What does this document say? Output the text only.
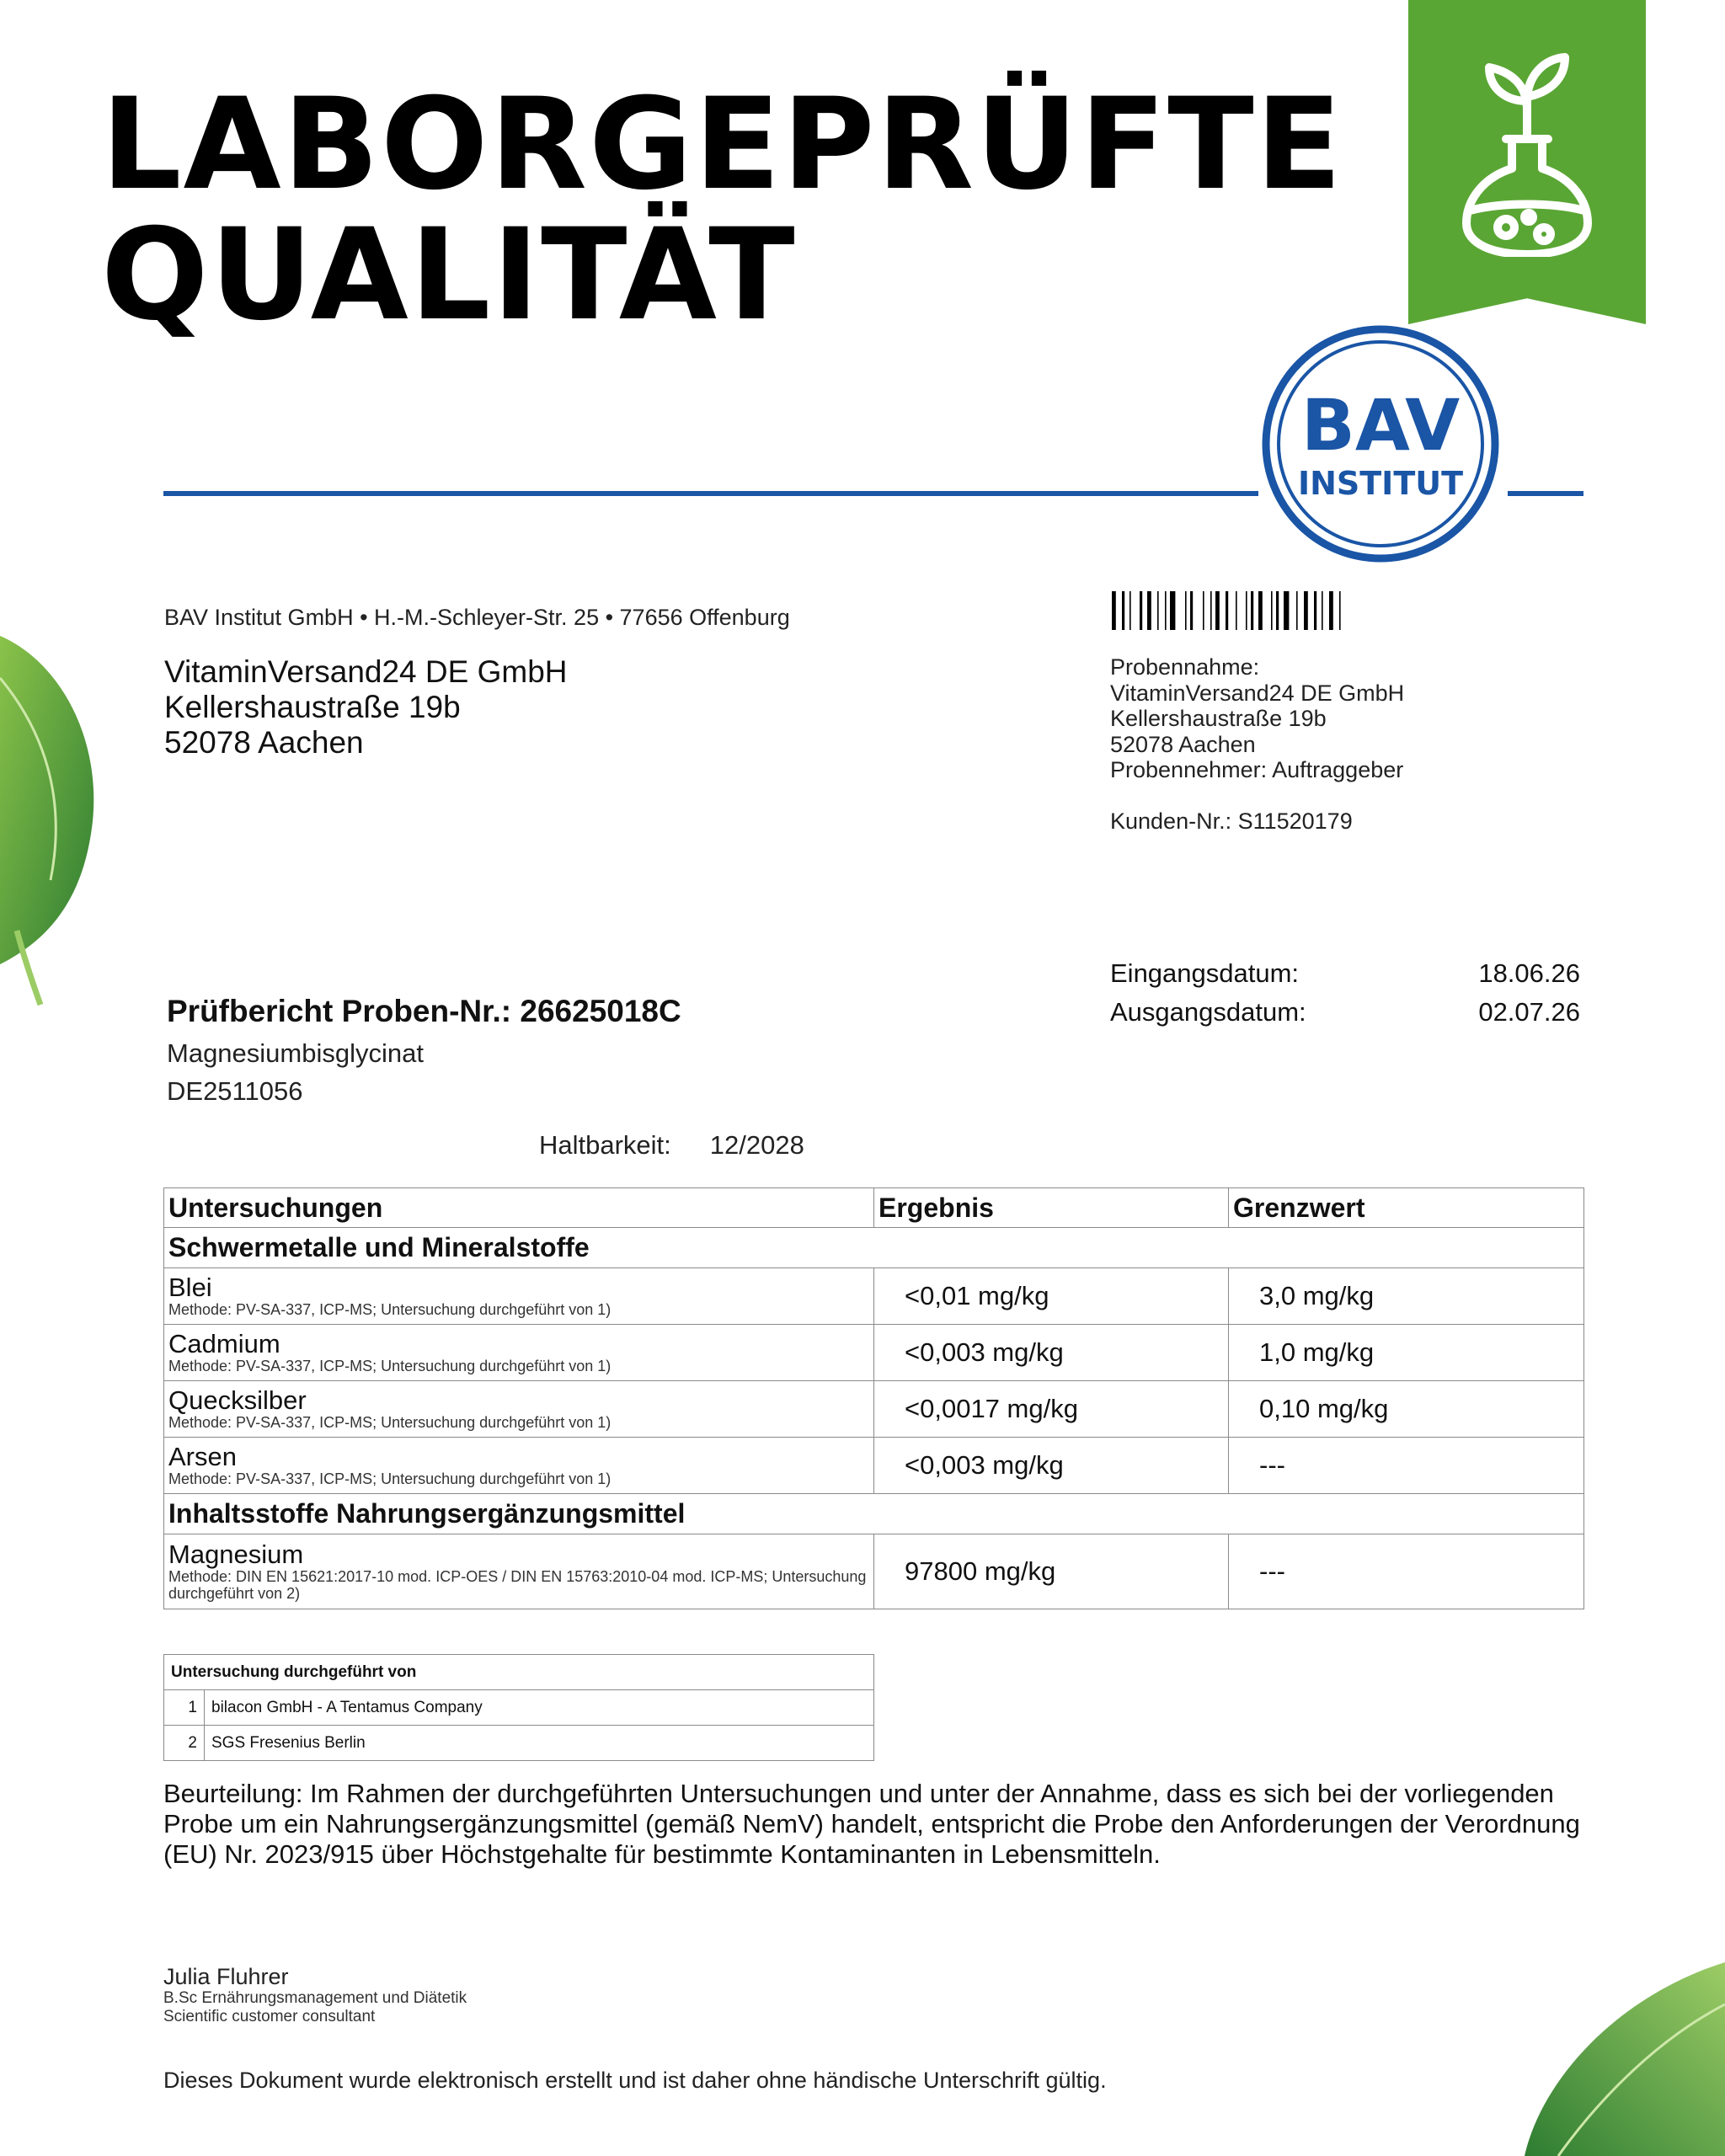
LABORGEPRÜFTE
QUALITÄT
BAV
INSTITUT
BAV Institut GmbH • H.-M.-Schleyer-Str. 25 • 77656 Offenburg
VitaminVersand24 DE GmbH
Kellershaustraße 19b
52078 Aachen
Probennahme:
VitaminVersand24 DE GmbH
Kellershaustraße 19b
52078 Aachen
Probennehmer: Auftraggeber
Kunden-Nr.: S11520179
Eingangsdatum:	18.06.26
Ausgangsdatum:	02.07.26
Prüfbericht Proben-Nr.: 26625018C
Magnesiumbisglycinat
DE2511056
Haltbarkeit: 12/2028
Untersuchungen	Ergebnis	Grenzwert
Schwermetalle und Mineralstoffe		

Blei
Methode: PV-SA-337, ICP-MS; Untersuchung durchgeführt von 1)	<0,01 mg/kg	3,0 mg/kg

Cadmium
Methode: PV-SA-337, ICP-MS; Untersuchung durchgeführt von 1)	<0,003 mg/kg	1,0 mg/kg

Quecksilber
Methode: PV-SA-337, ICP-MS; Untersuchung durchgeführt von 1)	<0,0017 mg/kg	0,10 mg/kg

Arsen
Methode: PV-SA-337, ICP-MS; Untersuchung durchgeführt von 1)	<0,003 mg/kg	---
Inhaltsstoffe Nahrungsergänzungsmittel		

Magnesium
Methode: DIN EN 15621:2017-10 mod. ICP-OES / DIN EN 15763:2010-04 mod. ICP-MS; Untersuchung durchgeführt von 2)	97800 mg/kg	---
Untersuchung durchgeführt von	
1	bilacon GmbH - A Tentamus Company
2	SGS Fresenius Berlin
Beurteilung: Im Rahmen der durchgeführten Untersuchungen und unter der Annahme, dass es sich bei der vorliegenden Probe um ein Nahrungsergänzungsmittel (gemäß NemV) handelt, entspricht die Probe den Anforderungen der Verordnung (EU) Nr. 2023/915 über Höchstgehalte für bestimmte Kontaminanten in Lebensmitteln.
Julia Fluhrer
B.Sc Ernährungsmanagement und Diätetik
Scientific customer consultant
Dieses Dokument wurde elektronisch erstellt und ist daher ohne händische Unterschrift gültig.
